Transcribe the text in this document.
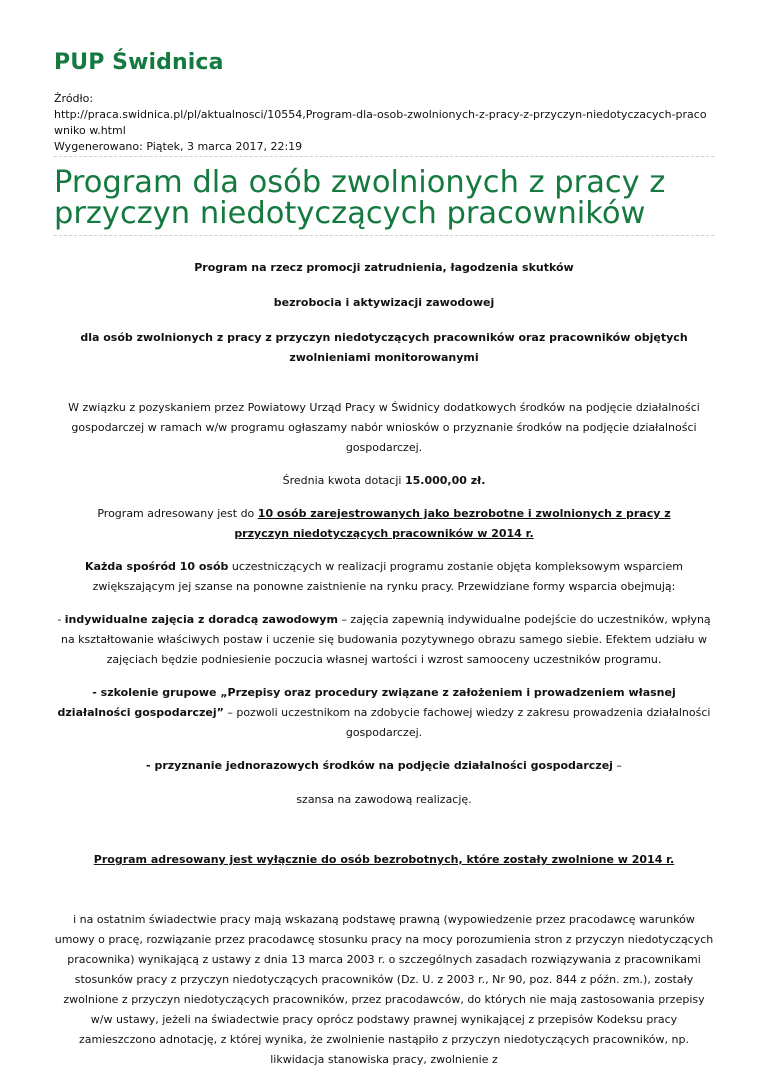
PUP Świdnica
Źródło:
http://praca.swidnica.pl/pl/aktualnosci/10554,Program-dla-osob-zwolnionych-z-pracy-z-przyczyn-niedotyczacych-pracowniko w.html
Wygenerowano: Piątek, 3 marca 2017, 22:19
Program dla osób zwolnionych z pracy z przyczyn niedotyczących pracowników

Program na rzecz promocji zatrudnienia, łagodzenia skutków

bezrobocia i aktywizacji zawodowej

dla osób zwolnionych z pracy z przyczyn niedotyczących pracowników oraz pracowników objętych zwolnieniami monitorowanymi

W związku z pozyskaniem przez Powiatowy Urząd Pracy w Świdnicy dodatkowych środków na podjęcie działalności gospodarczej w ramach w/w programu ogłaszamy nabór wniosków o przyznanie środków na podjęcie działalności gospodarczej.

Średnia kwota dotacji 15.000,00 zł.

Program adresowany jest do 10 osób zarejestrowanych jako bezrobotne i zwolnionych z pracy z przyczyn niedotyczących pracowników w 2014 r.

Każda spośród 10 osób uczestniczących w realizacji programu zostanie objęta kompleksowym wsparciem zwiększającym jej szanse na ponowne zaistnienie na rynku pracy. Przewidziane formy wsparcia obejmują:

- indywidualne zajęcia z doradcą zawodowym – zajęcia zapewnią indywidualne podejście do uczestników, wpłyną na kształtowanie właściwych postaw i uczenie się budowania pozytywnego obrazu samego siebie. Efektem udziału w zajęciach będzie podniesienie poczucia własnej wartości i wzrost samooceny uczestników programu.

- szkolenie grupowe „Przepisy oraz procedury związane z założeniem i prowadzeniem własnej działalności gospodarczej” – pozwoli uczestnikom na zdobycie fachowej wiedzy z zakresu prowadzenia działalności gospodarczej.

- przyznanie jednorazowych środków na podjęcie działalności gospodarczej –

szansa na zawodową realizację.

Program adresowany jest wyłącznie do osób bezrobotnych, które zostały zwolnione w 2014 r.

i na ostatnim świadectwie pracy mają wskazaną podstawę prawną (wypowiedzenie przez pracodawcę warunków umowy o pracę, rozwiązanie przez pracodawcę stosunku pracy na mocy porozumienia stron z przyczyn niedotyczących pracownika) wynikającą z ustawy z dnia 13 marca 2003 r. o szczególnych zasadach rozwiązywania z pracownikami stosunków pracy z przyczyn niedotyczących pracowników (Dz. U. z 2003 r., Nr 90, poz. 844 z późn. zm.), zostały zwolnione z przyczyn niedotyczących pracowników, przez pracodawców, do których nie mają zastosowania przepisy w/w ustawy, jeżeli na świadectwie pracy oprócz podstawy prawnej wynikającej z przepisów Kodeksu pracy zamieszczono adnotację, z której wynika, że zwolnienie nastąpiło z przyczyn niedotyczących pracowników, np. likwidacja stanowiska pracy, zwolnienie z
